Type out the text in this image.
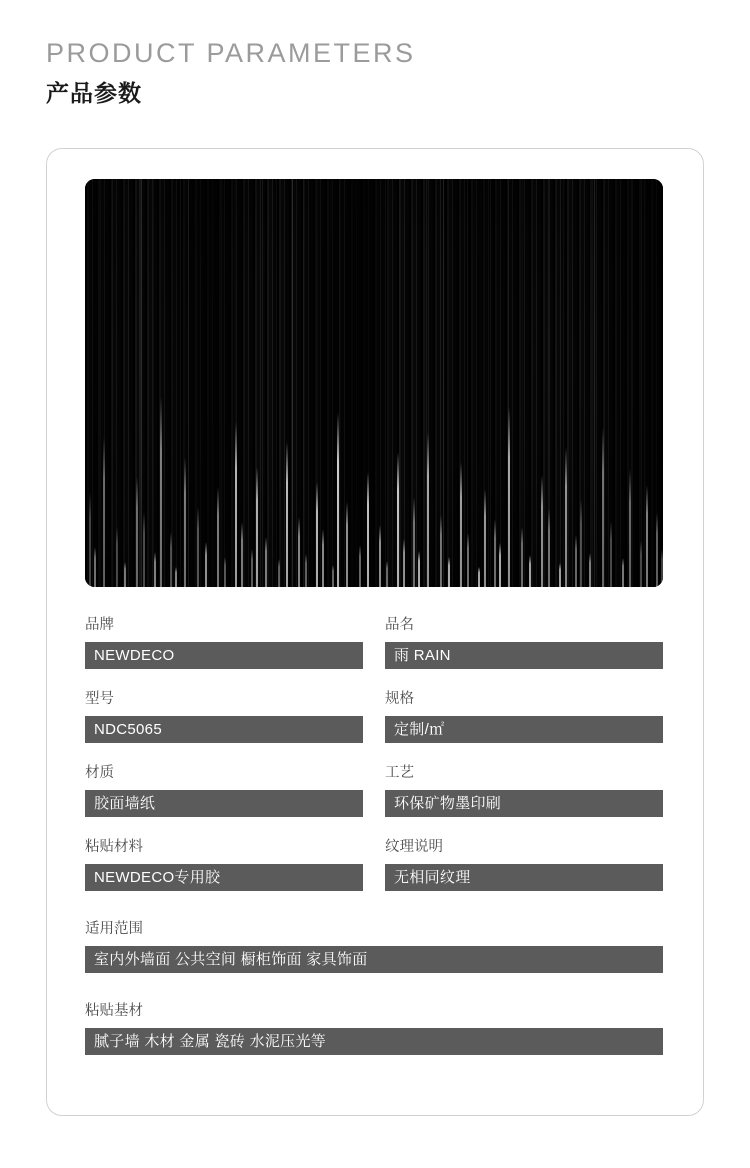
PRODUCT PARAMETERS
产品参数
品牌
NEWDECO
品名
雨 RAIN
型号
NDC5065
规格
定制/㎡
材质
胶面墙纸
工艺
环保矿物墨印刷
粘贴材料
NEWDECO专用胶
纹理说明
无相同纹理
适用范围
室内外墙面 公共空间 橱柜饰面 家具饰面
粘贴基材
腻子墙 木材 金属 瓷砖 水泥压光等
